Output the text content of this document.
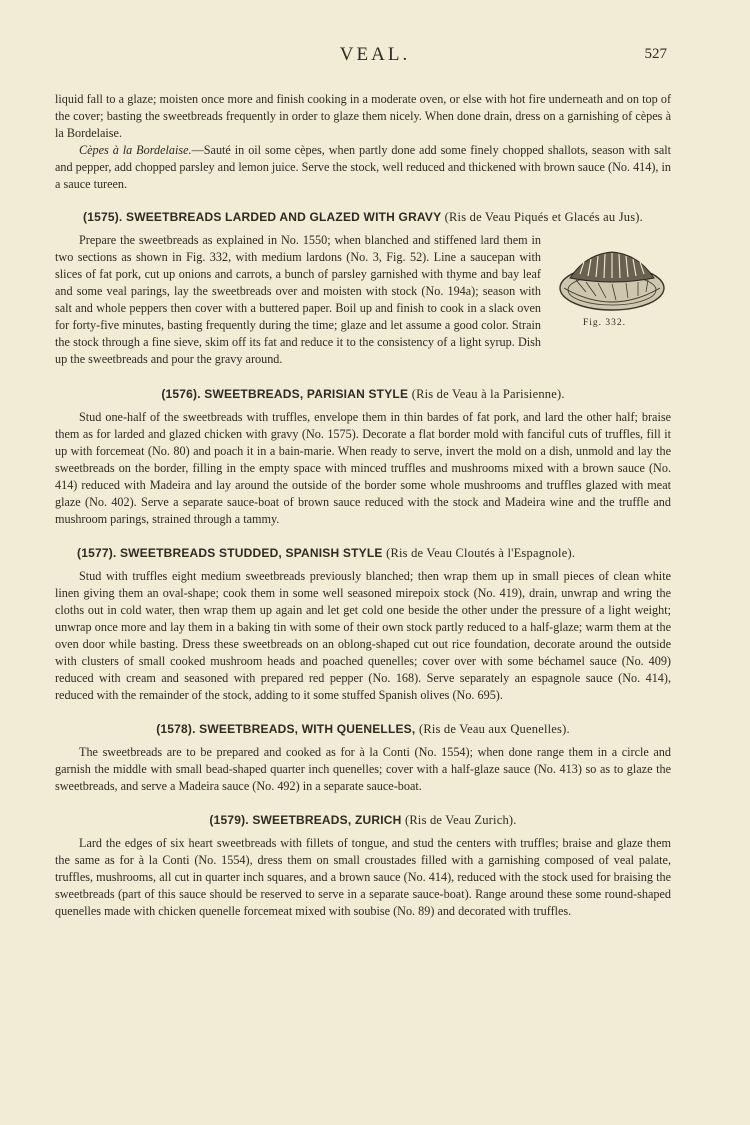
VEAL.	527

liquid fall to a glaze; moisten once more and finish cooking in a moderate oven, or else with hot fire underneath and on top of the cover; basting the sweetbreads frequently in order to glaze them nicely. When done drain, dress on a garnishing of cèpes à la Bordelaise.

Cèpes à la Bordelaise.—Sauté in oil some cèpes, when partly done add some finely chopped shallots, season with salt and pepper, add chopped parsley and lemon juice. Serve the stock, well reduced and thickened with brown sauce (No. 414), in a sauce tureen.

(1575). SWEETBREADS LARDED AND GLAZED WITH GRAVY (Ris de Veau Piqués et Glacés au Jus).
Fig. 332.

Prepare the sweetbreads as explained in No. 1550; when blanched and stiffened lard them in two sections as shown in Fig. 332, with medium lardons (No. 3, Fig. 52). Line a saucepan with slices of fat pork, cut up onions and carrots, a bunch of parsley garnished with thyme and bay leaf and some veal parings, lay the sweetbreads over and moisten with stock (No. 194a); season with salt and whole peppers then cover with a buttered paper. Boil up and finish to cook in a slack oven for forty-five minutes, basting frequently during the time; glaze and let assume a good color. Strain the stock through a fine sieve, skim off its fat and reduce it to the consistency of a light syrup. Dish up the sweetbreads and pour the gravy around.

(1576). SWEETBREADS, PARISIAN STYLE (Ris de Veau à la Parisienne).

Stud one-half of the sweetbreads with truffles, envelope them in thin bardes of fat pork, and lard the other half; braise them as for larded and glazed chicken with gravy (No. 1575). Decorate a flat border mold with fanciful cuts of truffles, fill it up with forcemeat (No. 80) and poach it in a bain-marie. When ready to serve, invert the mold on a dish, unmold and lay the sweetbreads on the border, filling in the empty space with minced truffles and mushrooms mixed with a brown sauce (No. 414) reduced with Madeira and lay around the outside of the border some whole mushrooms and truffles glazed with meat glaze (No. 402). Serve a separate sauce-boat of brown sauce reduced with the stock and Madeira wine and the truffle and mushroom parings, strained through a tammy.

(1577). SWEETBREADS STUDDED, SPANISH STYLE (Ris de Veau Cloutés à l'Espagnole).

Stud with truffles eight medium sweetbreads previously blanched; then wrap them up in small pieces of clean white linen giving them an oval-shape; cook them in some well seasoned mirepoix stock (No. 419), drain, unwrap and wring the cloths out in cold water, then wrap them up again and let get cold one beside the other under the pressure of a light weight; unwrap once more and lay them in a baking tin with some of their own stock partly reduced to a half-glaze; warm them at the oven door while basting. Dress these sweetbreads on an oblong-shaped cut out rice foundation, decorate around the outside with clusters of small cooked mushroom heads and poached quenelles; cover over with some béchamel sauce (No. 409) reduced with cream and seasoned with prepared red pepper (No. 168). Serve separately an espagnole sauce (No. 414), reduced with the remainder of the stock, adding to it some stuffed Spanish olives (No. 695).

(1578). SWEETBREADS, WITH QUENELLES, (Ris de Veau aux Quenelles).

The sweetbreads are to be prepared and cooked as for à la Conti (No. 1554); when done range them in a circle and garnish the middle with small bead-shaped quarter inch quenelles; cover with a half-glaze sauce (No. 413) so as to glaze the sweetbreads, and serve a Madeira sauce (No. 492) in a separate sauce-boat.

(1579). SWEETBREADS, ZURICH (Ris de Veau Zurich).

Lard the edges of six heart sweetbreads with fillets of tongue, and stud the centers with truffles; braise and glaze them the same as for à la Conti (No. 1554), dress them on small croustades filled with a garnishing composed of veal palate, truffles, mushrooms, all cut in quarter inch squares, and a brown sauce (No. 414), reduced with the stock used for braising the sweetbreads (part of this sauce should be reserved to serve in a separate sauce-boat). Range around these some round-shaped quenelles made with chicken quenelle forcemeat mixed with soubise (No. 89) and decorated with truffles.
